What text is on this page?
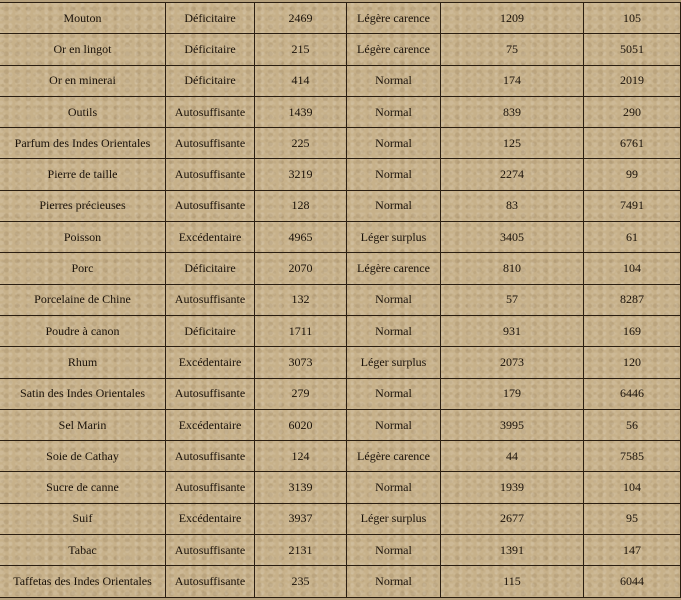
Mouton	Déficitaire	2469	Légère carence	1209	105
Or en lingot	Déficitaire	215	Légère carence	75	5051
Or en minerai	Déficitaire	414	Normal	174	2019
Outils	Autosuffisante	1439	Normal	839	290
Parfum des Indes Orientales	Autosuffisante	225	Normal	125	6761
Pierre de taille	Autosuffisante	3219	Normal	2274	99
Pierres précieuses	Autosuffisante	128	Normal	83	7491
Poisson	Excédentaire	4965	Léger surplus	3405	61
Porc	Déficitaire	2070	Légère carence	810	104
Porcelaine de Chine	Autosuffisante	132	Normal	57	8287
Poudre à canon	Déficitaire	1711	Normal	931	169
Rhum	Excédentaire	3073	Léger surplus	2073	120
Satin des Indes Orientales	Autosuffisante	279	Normal	179	6446
Sel Marin	Excédentaire	6020	Normal	3995	56
Soie de Cathay	Autosuffisante	124	Légère carence	44	7585
Sucre de canne	Autosuffisante	3139	Normal	1939	104
Suif	Excédentaire	3937	Léger surplus	2677	95
Tabac	Autosuffisante	2131	Normal	1391	147
Taffetas des Indes Orientales	Autosuffisante	235	Normal	115	6044
